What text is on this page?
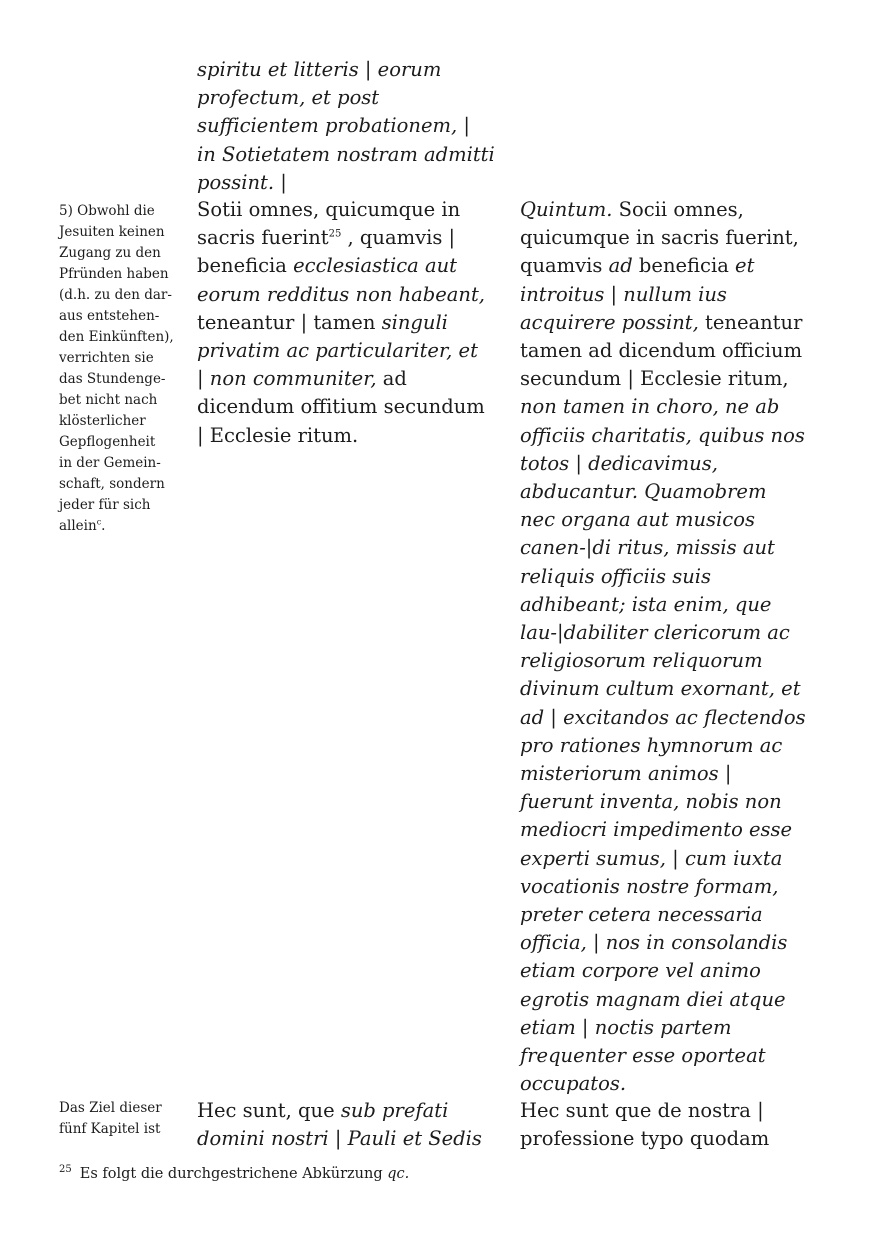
spiritu et litteris | eorum
profectum, et post
sufficientem probationem, |
in Sotietatem nostram admitti
possint. |
5) Obwohl die
Jesuiten keinen
Zugang zu den
Pfründen haben
(d.h. zu den dar-
aus entstehen-
den Einkünften),
verrichten sie
das Stundenge-
bet nicht nach
klösterlicher
Gepflogenheit
in der Gemein-
schaft, sondern
jeder für sich
allein$^c$.
Sotii omnes, quicumque in
sacris fuerint$^{25}$ , quamvis |
beneficia ecclesiastica aut
eorum redditus non habeant,
teneantur | tamen singuli
privatim ac particulariter, et
| non communiter, ad
dicendum offitium secundum
| Ecclesie ritum.
Quintum. Socii omnes,
quicumque in sacris fuerint,
quamvis ad beneficia et
introitus | nullum ius
acquirere possint, teneantur
tamen ad dicendum officium
secundum | Ecclesie ritum,
non tamen in choro, ne ab
officiis charitatis, quibus nos
totos | dedicavimus,
abducantur. Quamobrem
nec organa aut musicos
canen-|di ritus, missis aut
reliquis officiis suis
adhibeant; ista enim, que
lau-|dabiliter clericorum ac
religiosorum reliquorum
divinum cultum exornant, et
ad | excitandos ac flectendos
pro rationes hymnorum ac
misteriorum animos |
fuerunt inventa, nobis non
mediocri impedimento esse
experti sumus, | cum iuxta
vocationis nostre formam,
preter cetera necessaria
officia, | nos in consolandis
etiam corpore vel animo
egrotis magnam diei atque
etiam | noctis partem
frequenter esse oporteat
occupatos.
Das Ziel dieser
fünf Kapitel ist
Hec sunt, que sub prefati
domini nostri | Pauli et Sedis
Hec sunt que de nostra |
professione typo quodam
$^{25}$ Es folgt die durchgestrichene Abkürzung qc.
